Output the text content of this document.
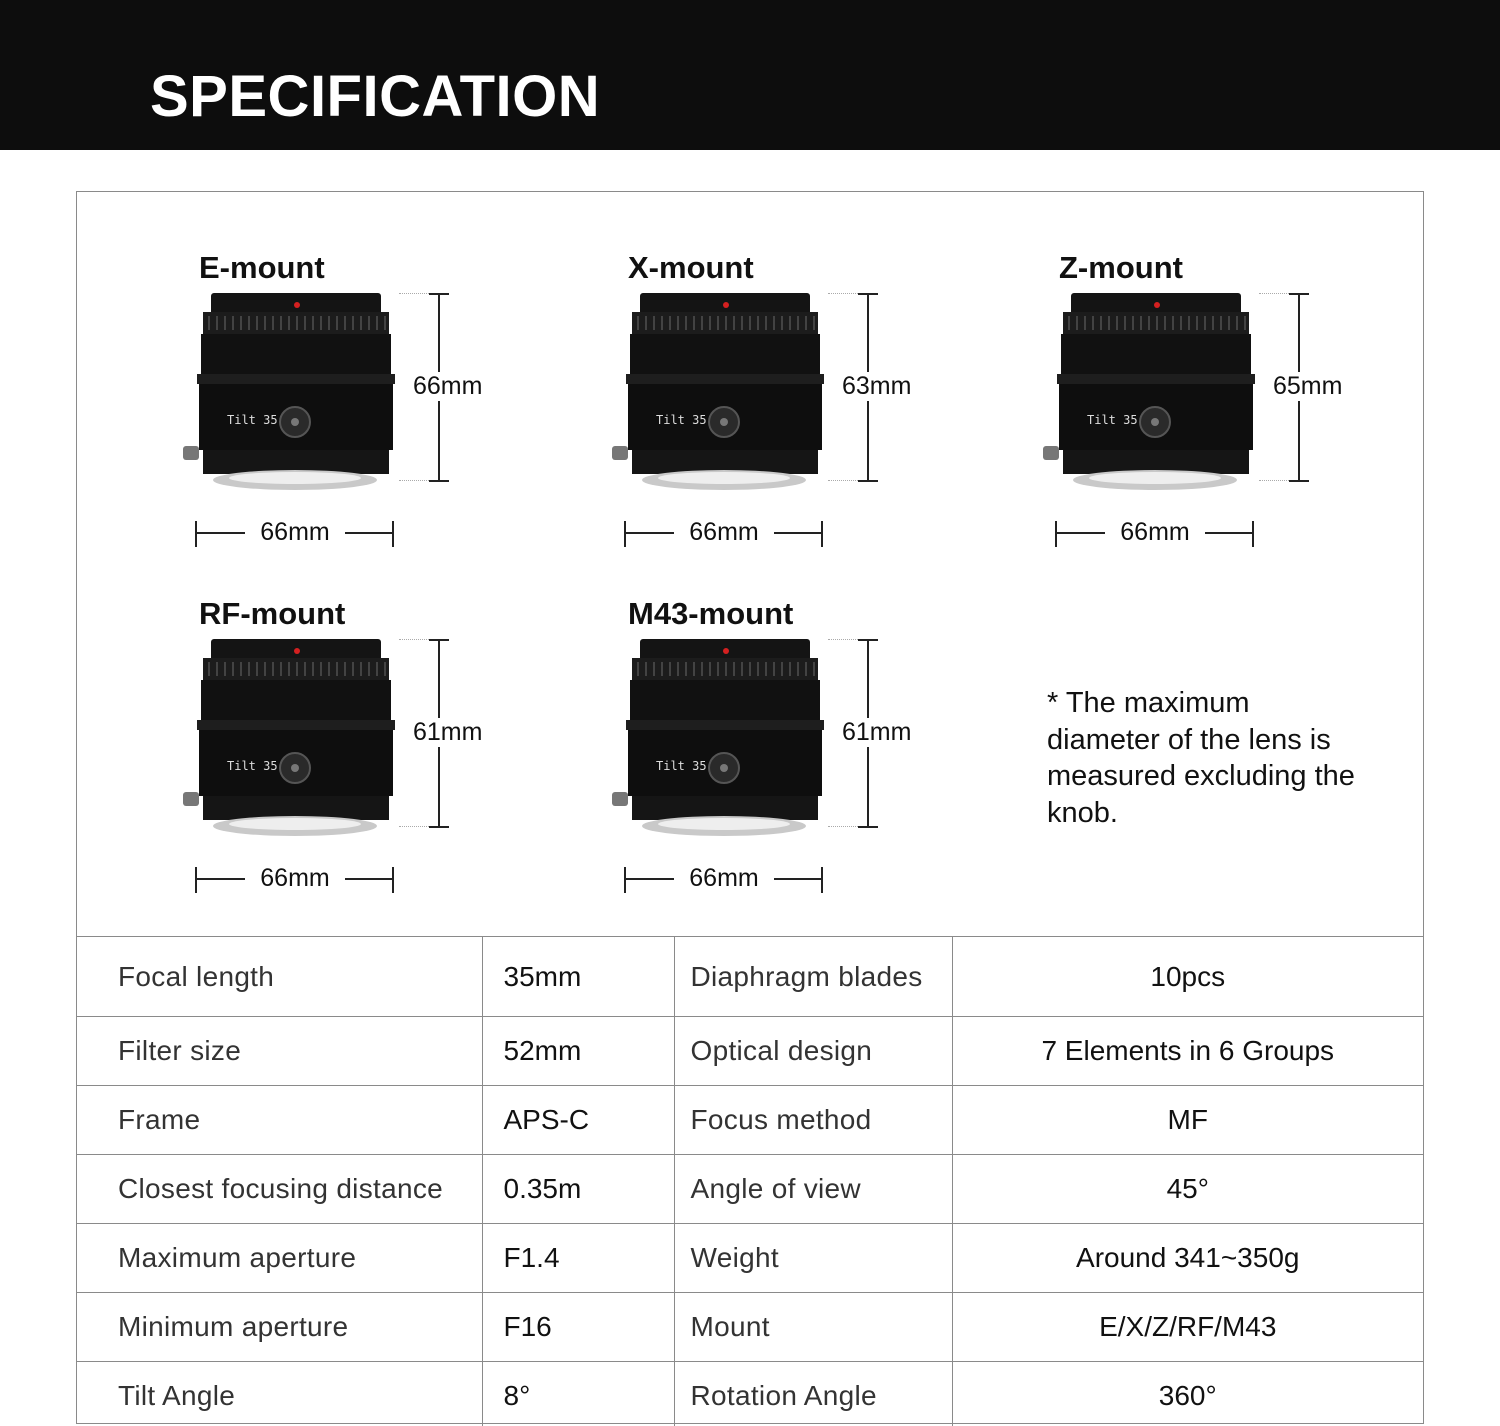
SPECIFICATION
E-mount
Tilt 35
66mm
66mm
X-mount
Tilt 35
63mm
66mm
Z-mount
Tilt 35
65mm
66mm
RF-mount
Tilt 35
61mm
66mm
M43-mount
Tilt 35
61mm
66mm
* The maximum diameter of the lens is measured excluding the knob.
Focal length	35mm	Diaphragm blades	10pcs
Filter size	52mm	Optical design	7 Elements in 6 Groups
Frame	APS-C	Focus method	MF
Closest focusing distance	0.35m	Angle of view	45°
Maximum aperture	F1.4	Weight	Around 341~350g
Minimum aperture	F16	Mount	E/X/Z/RF/M43
Tilt Angle	8°	Rotation Angle	360°
